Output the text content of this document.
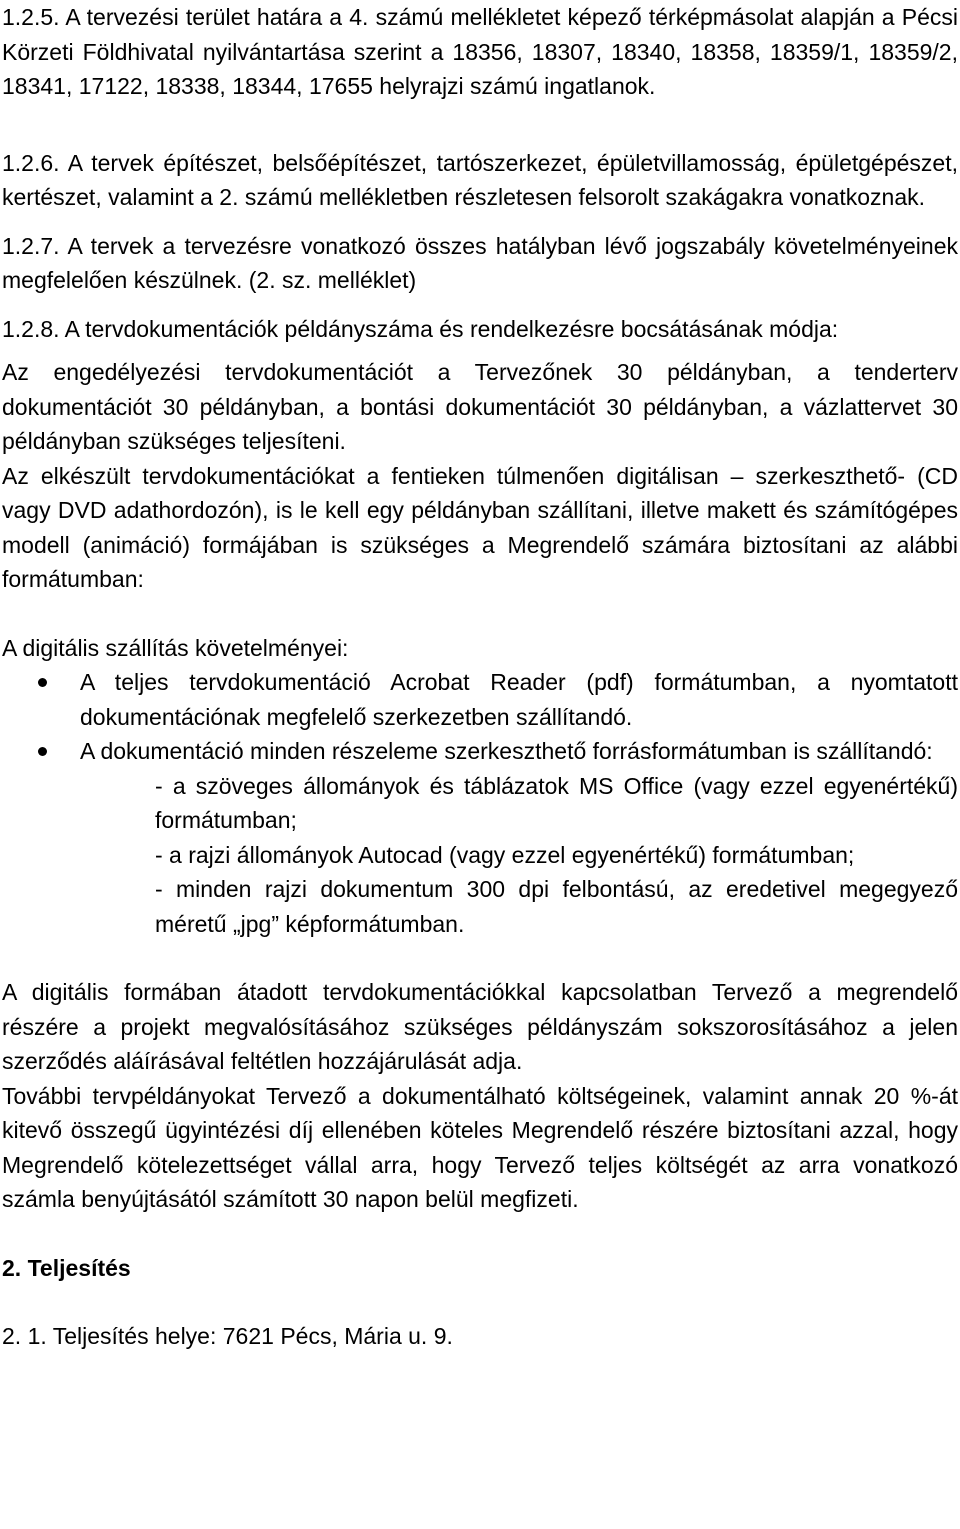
1.2.5. A tervezési terület határa a 4. számú mellékletet képező térképmásolat alapján a Pécsi Körzeti Földhivatal nyilvántartása szerint a 18356, 18307, 18340, 18358, 18359/1, 18359/2, 18341, 17122, 18338, 18344, 17655 helyrajzi számú ingatlanok.

1.2.6. A tervek építészet, belsőépítészet, tartószerkezet, épületvillamosság, épületgépészet, kertészet, valamint a 2. számú mellékletben részletesen felsorolt szakágakra vonatkoznak.

1.2.7. A tervek a tervezésre vonatkozó összes hatályban lévő jogszabály követelményeinek megfelelően készülnek. (2. sz. melléklet)

1.2.8. A tervdokumentációk példányszáma és rendelkezésre bocsátásának módja:

Az engedélyezési tervdokumentációt a Tervezőnek 30 példányban, a tenderterv dokumentációt 30 példányban, a bontási dokumentációt 30 példányban, a vázlattervet 30 példányban szükséges teljesíteni.

Az elkészült tervdokumentációkat a fentieken túlmenően digitálisan – szerkeszthető- (CD vagy DVD adathordozón), is le kell egy példányban szállítani, illetve makett és számítógépes modell (animáció) formájában is szükséges a Megrendelő számára biztosítani az alábbi formátumban:

A digitális szállítás követelményei:

A teljes tervdokumentáció Acrobat Reader (pdf) formátumban, a nyomtatott dokumentációnak megfelelő szerkezetben szállítandó.
A dokumentáció minden részeleme szerkeszthető forrásformátumban is szállítandó:
- a szöveges állományok és táblázatok MS Office (vagy ezzel egyenértékű) formátumban;
- a rajzi állományok Autocad (vagy ezzel egyenértékű) formátumban;
- minden rajzi dokumentum 300 dpi felbontású, az eredetivel megegyező méretű „jpg” képformátumban.

A digitális formában átadott tervdokumentációkkal kapcsolatban Tervező a megrendelő részére a projekt megvalósításához szükséges példányszám sokszorosításához a jelen szerződés aláírásával feltétlen hozzájárulását adja.

További tervpéldányokat Tervező a dokumentálható költségeinek, valamint annak 20 %-át kitevő összegű ügyintézési díj ellenében köteles Megrendelő részére biztosítani azzal, hogy Megrendelő kötelezettséget vállal arra, hogy Tervező teljes költségét az arra vonatkozó számla benyújtásától számított 30 napon belül megfizeti.

2. Teljesítés

2. 1. Teljesítés helye: 7621 Pécs, Mária u. 9.
